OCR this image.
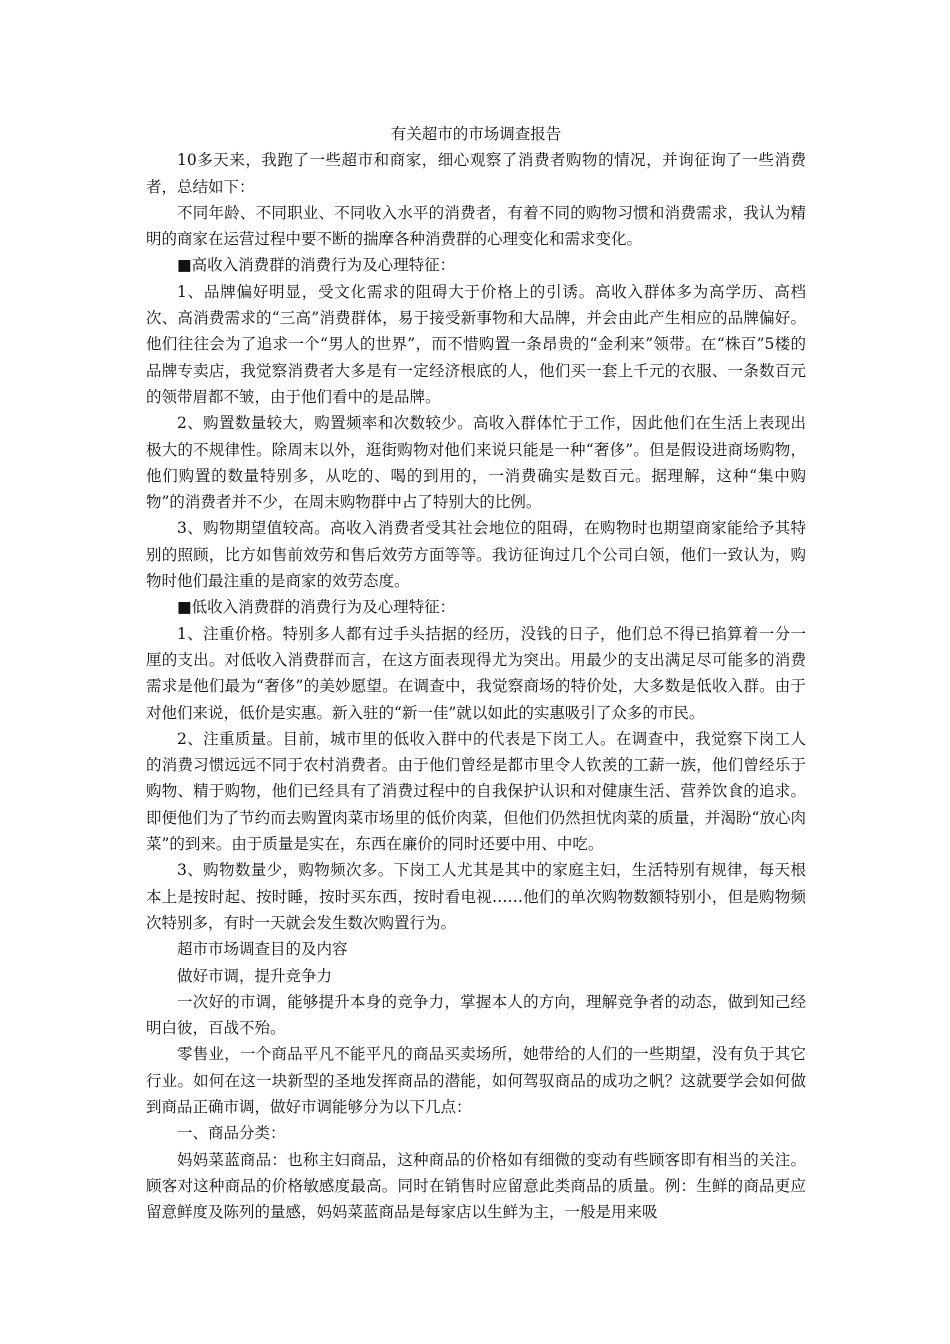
有关超市的市场调查报告

10多天来，我跑了一些超市和商家，细心观察了消费者购物的情况，并询征询了一些消费者，总结如下：

不同年龄、不同职业、不同收入水平的消费者，有着不同的购物习惯和消费需求，我认为精明的商家在运营过程中要不断的揣摩各种消费群的心理变化和需求变化。

■高收入消费群的消费行为及心理特征：

1、品牌偏好明显，受文化需求的阻碍大于价格上的引诱。高收入群体多为高学历、高档次、高消费需求的“三高”消费群体，易于接受新事物和大品牌，并会由此产生相应的品牌偏好。他们往往会为了追求一个“男人的世界”，而不惜购置一条昂贵的“金利来”领带。在“株百”5楼的品牌专卖店，我觉察消费者大多是有一定经济根底的人，他们买一套上千元的衣服、一条数百元的领带眉都不皱，由于他们看中的是品牌。

2、购置数量较大，购置频率和次数较少。高收入群体忙于工作，因此他们在生活上表现出极大的不规律性。除周末以外，逛街购物对他们来说只能是一种“奢侈”。但是假设进商场购物，他们购置的数量特别多，从吃的、喝的到用的，一消费确实是数百元。据理解，这种“集中购物”的消费者并不少，在周末购物群中占了特别大的比例。

3、购物期望值较高。高收入消费者受其社会地位的阻碍，在购物时也期望商家能给予其特别的照顾，比方如售前效劳和售后效劳方面等等。我访征询过几个公司白领，他们一致认为，购物时他们最注重的是商家的效劳态度。

■低收入消费群的消费行为及心理特征：

1、注重价格。特别多人都有过手头拮据的经历，没钱的日子，他们总不得已掐算着一分一厘的支出。对低收入消费群而言，在这方面表现得尤为突出。用最少的支出满足尽可能多的消费需求是他们最为“奢侈”的美妙愿望。在调查中，我觉察商场的特价处，大多数是低收入群。由于对他们来说，低价是实惠。新入驻的“新一佳”就以如此的实惠吸引了众多的市民。

2、注重质量。目前，城市里的低收入群中的代表是下岗工人。在调查中，我觉察下岗工人的消费习惯远远不同于农村消费者。由于他们曾经是都市里令人钦羡的工薪一族，他们曾经乐于购物、精于购物，他们已经具有了消费过程中的自我保护认识和对健康生活、营养饮食的追求。即便他们为了节约而去购置肉菜市场里的低价肉菜，但他们仍然担忧肉菜的质量，并渴盼“放心肉菜”的到来。由于质量是实在，东西在廉价的同时还要中用、中吃。

3、购物数量少，购物频次多。下岗工人尤其是其中的家庭主妇，生活特别有规律，每天根本上是按时起、按时睡，按时买东西，按时看电视……他们的单次购物数额特别小，但是购物频次特别多，有时一天就会发生数次购置行为。

超市市场调查目的及内容

做好市调，提升竞争力

一次好的市调，能够提升本身的竞争力，掌握本人的方向，理解竞争者的动态，做到知己经明白彼，百战不殆。

零售业，一个商品平凡不能平凡的商品买卖场所，她带给的人们的一些期望，没有负于其它行业。如何在这一块新型的圣地发挥商品的潜能，如何驾驭商品的成功之帆？这就要学会如何做到商品正确市调，做好市调能够分为以下几点：

一、商品分类：

妈妈菜蓝商品：也称主妇商品，这种商品的价格如有细微的变动有些顾客即有相当的关注。顾客对这种商品的价格敏感度最高。同时在销售时应留意此类商品的质量。例：生鲜的商品更应留意鲜度及陈列的量感，妈妈菜蓝商品是每家店以生鲜为主，一般是用来吸
